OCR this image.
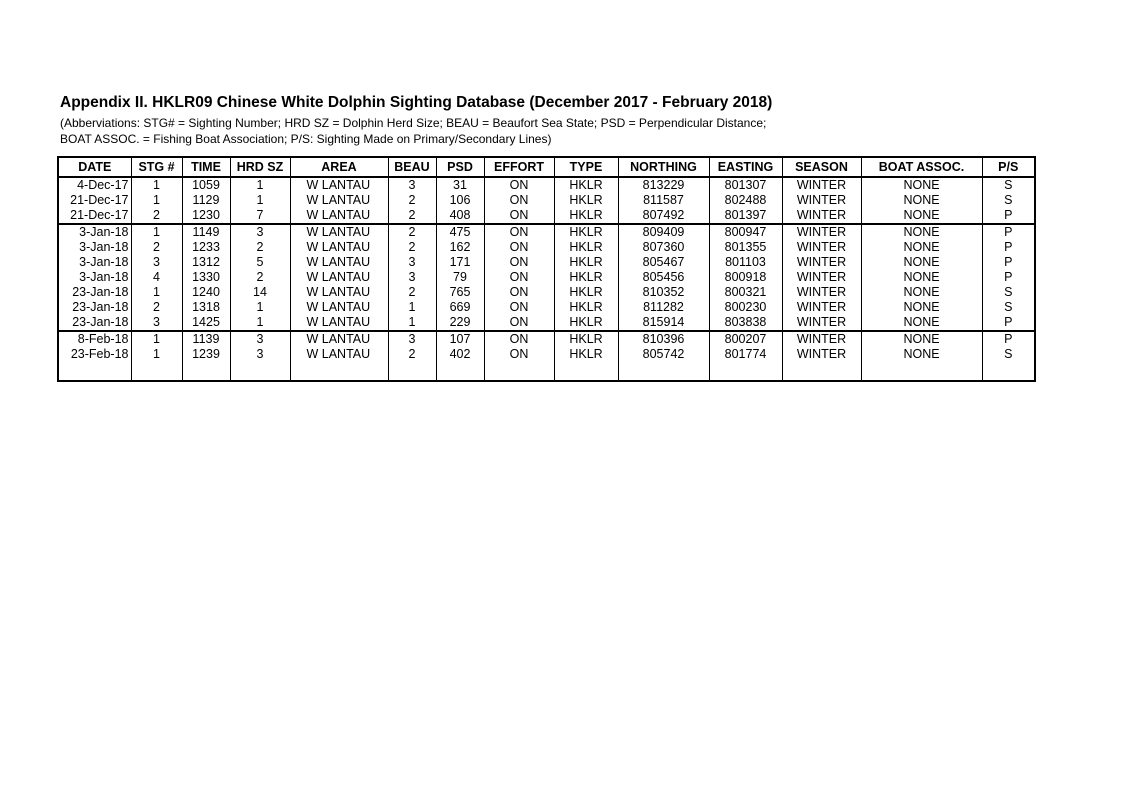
Appendix II. HKLR09 Chinese White Dolphin Sighting Database (December 2017 - February 2018)
(Abberviations: STG# = Sighting Number; HRD SZ = Dolphin Herd Size; BEAU = Beaufort Sea State; PSD = Perpendicular Distance;
BOAT ASSOC. = Fishing Boat Association; P/S: Sighting Made on Primary/Secondary Lines)
DATE	STG #	TIME	HRD SZ	AREA	BEAU	PSD	EFFORT	TYPE	NORTHING	EASTING	SEASON	BOAT ASSOC.	P/S
4-Dec-17	1	1059	1	W LANTAU	3	31	ON	HKLR	813229	801307	WINTER	NONE	S
21-Dec-17	1	1129	1	W LANTAU	2	106	ON	HKLR	811587	802488	WINTER	NONE	S
21-Dec-17	2	1230	7	W LANTAU	2	408	ON	HKLR	807492	801397	WINTER	NONE	P
3-Jan-18	1	1149	3	W LANTAU	2	475	ON	HKLR	809409	800947	WINTER	NONE	P
3-Jan-18	2	1233	2	W LANTAU	2	162	ON	HKLR	807360	801355	WINTER	NONE	P
3-Jan-18	3	1312	5	W LANTAU	3	171	ON	HKLR	805467	801103	WINTER	NONE	P
3-Jan-18	4	1330	2	W LANTAU	3	79	ON	HKLR	805456	800918	WINTER	NONE	P
23-Jan-18	1	1240	14	W LANTAU	2	765	ON	HKLR	810352	800321	WINTER	NONE	S
23-Jan-18	2	1318	1	W LANTAU	1	669	ON	HKLR	811282	800230	WINTER	NONE	S
23-Jan-18	3	1425	1	W LANTAU	1	229	ON	HKLR	815914	803838	WINTER	NONE	P
8-Feb-18	1	1139	3	W LANTAU	3	107	ON	HKLR	810396	800207	WINTER	NONE	P
23-Feb-18	1	1239	3	W LANTAU	2	402	ON	HKLR	805742	801774	WINTER	NONE	S
